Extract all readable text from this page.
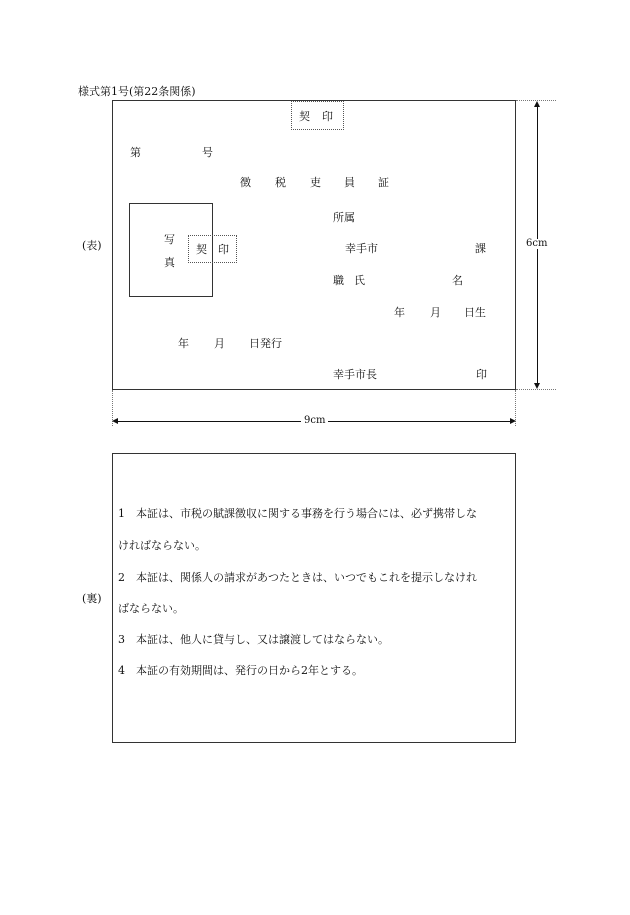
様式第1号(第22条関係)
(表)
契 印
第	号
徴 税 吏 員 証
写
真
契 印
所属
幸手市	課
職 氏	名
年 月 日生
年 月 日発行
幸手市長	印
6cm
9cm
(裏)
1 本証は、市税の賦課徴収に関する事務を行う場合には、必ず携帯しな
ければならない。
2 本証は、関係人の請求があつたときは、いつでもこれを提示しなけれ
ばならない。
3 本証は、他人に貸与し、又は譲渡してはならない。
4 本証の有効期間は、発行の日から2年とする。
